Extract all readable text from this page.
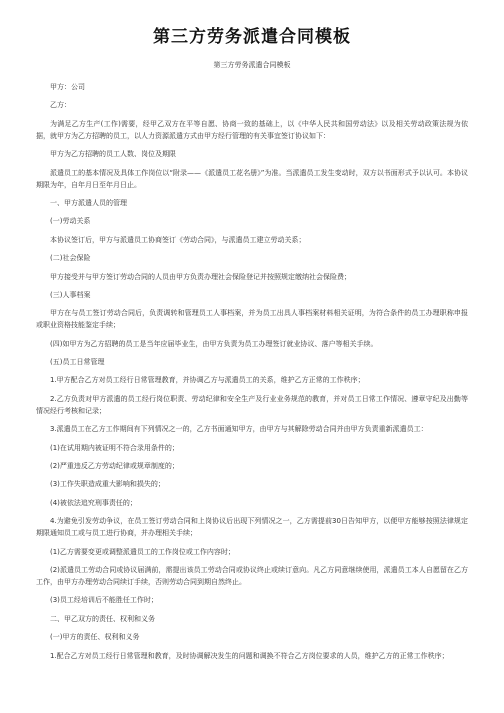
第三方劳务派遣合同模板
第三方劳务派遣合同模板

甲方：公司

乙方：

为满足乙方生产(工作)需要，经甲乙双方在平等自愿、协商一致的基础上，以《中华人民共和国劳动法》以及相关劳动政策法规为依据，就甲方为乙方招聘的员工，以人力资源派遣方式由甲方经行管理的有关事宜签订协议如下：

甲方为乙方招聘的员工人数、岗位及期限

派遣员工的基本情况及具体工作岗位以“附录——《派遣员工花名册》”为准。当派遣员工发生变动时，双方以书面形式予以认可。本协议期限为年，自年月日至年月日止。

一、甲方派遣人员的管理

(一)劳动关系

本协议签订后，甲方与派遣员工协商签订《劳动合同》，与派遣员工建立劳动关系；

(二)社会保险

甲方接受并与甲方签订劳动合同的人员由甲方负责办理社会保险登记并按照规定缴纳社会保险费；

(三)人事档案

甲方在与员工签订劳动合同后，负责调转和管理员工人事档案，并为员工出具人事档案材料相关证明，为符合条件的员工办理职称申报或职业资格技能鉴定手续；

(四)如甲方为乙方招聘的员工是当年应届毕业生，由甲方负责为员工办理签订就业协议、落户等相关手续。

(五)员工日常管理

1.甲方配合乙方对员工经行日常管理教育，并协调乙方与派遣员工的关系，维护乙方正常的工作秩序；

2.乙方负责对甲方派遣的员工经行岗位职责、劳动纪律和安全生产及行业业务规范的教育，并对员工日常工作情况、遵章守纪及出勤等情况经行考核和记录；

3.派遣员工在乙方工作期间有下列情况之一的，乙方书面通知甲方，由甲方与其解除劳动合同并由甲方负责重新派遣员工：

(1)在试用期内被证明不符合录用条件的；

(2)严重违反乙方劳动纪律或规章制度的；

(3)工作失职造成重大影响和损失的；

(4)被依法追究刑事责任的；

4.为避免引发劳动争议，在员工签订劳动合同和上岗协议后出现下列情况之一，乙方需提前30日告知甲方，以便甲方能够按照法律规定期限通知员工或与员工进行协商，并办理相关手续；

(1)乙方需要变更或调整派遣员工的工作岗位或工作内容时；

(2)派遣员工劳动合同或协议届满前，需提出该员工劳动合同或协议终止或续订意向。凡乙方同意继续使用，派遣员工本人自愿留在乙方工作，由甲方办理劳动合同续订手续，否则劳动合同到期自然终止。

(3)员工经培训后不能胜任工作时；

二、甲乙双方的责任、权利和义务

(一)甲方的责任、权利和义务

1.配合乙方对员工经行日常管理和教育，及时协调解决发生的问题和调换不符合乙方岗位要求的人员，维护乙方的正常工作秩序；
